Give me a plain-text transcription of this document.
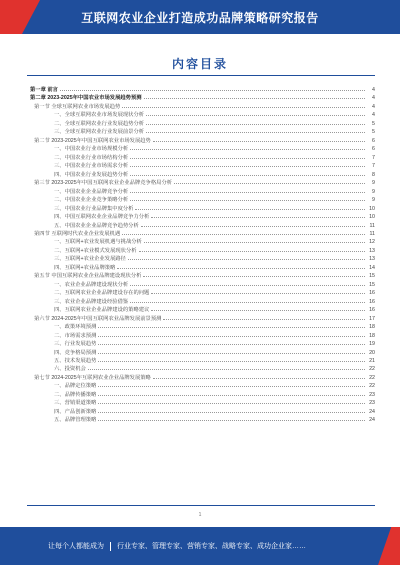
互联网农业企业打造成功品牌策略研究报告
内容目录
第一章 前言	4
第二章 2023-2025年中国农业市场发展趋势预测	4
第一节 全球互联网农业市场发展趋势	4
一、全球互联网农业市场发展现状分析	4
二、全球互联网农业行业发展趋势分析	5
三、全球互联网农业行业发展前景分析	5
第二节 2023-2025年中国互联网农业市场发展趋势	6
一、中国农业行业市场规模分析	6
二、中国农业行业市场结构分析	7
三、中国农业行业市场需求分析	7
四、中国农业行业发展趋势分析	8
第三节 2023-2025年中国互联网农业企业品牌竞争格局分析	9
一、中国农业企业品牌竞争分析	9
二、中国农业企业竞争策略分析	9
三、中国农业行业品牌集中度分析	10
四、中国互联网农业企业品牌竞争力分析	10
五、中国农业企业品牌竞争趋势分析	11
第四节 互联网时代农业企业发展机遇	11
一、互联网+农业发展机遇与挑战分析	12
二、互联网+农业模式发展现状分析	13
三、互联网+农业企业发展路径	13
四、互联网+农业品牌策略	14
第五节 中国互联网农业企业品牌建设现状分析	15
一、农业企业品牌建设现状分析	15
二、互联网农业企业品牌建设存在的问题	16
三、农业企业品牌建设经验借鉴	16
四、互联网农业企业品牌建设的策略建议	16
第六节 2024-2025年中国互联网农业品牌发展前景预测	17
一、政策环境预测	18
二、市场需求预测	18
三、行业发展趋势	19
四、竞争格局预测	20
五、技术发展趋势	21
六、投资机会	22
第七节 2024-2025年互联网农业企业品牌发展策略	22
一、品牌定位策略	22
二、品牌传播策略	23
三、营销渠道策略	23
四、产品创新策略	24
五、品牌管理策略	24
1
让每个人都能成为 行业专家、管理专家、营销专家、战略专家、成功企业家……
